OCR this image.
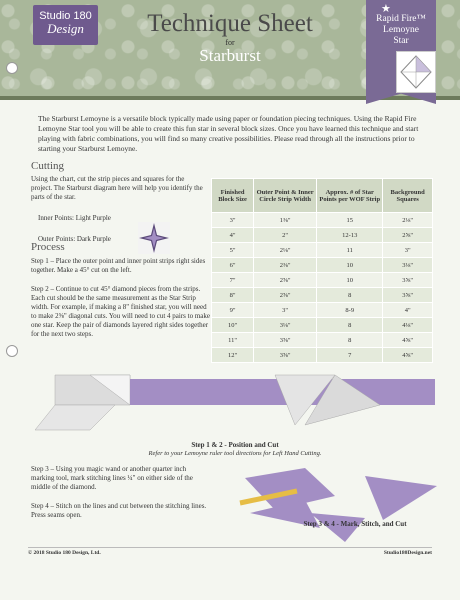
Studio 180
Design	Technique Sheet
for
Starburst
★
Rapid Fire™
Lemoyne
Star

The Starburst Lemoyne is a versatile block typically made using paper or foundation piecing techniques. Using the Rapid Fire Lemoyne Star tool you will be able to create this fun star in several block sizes. Once you have learned this technique and start playing with fabric combinations, you will find so many creative possibilities. Please read through all the instructions prior to starting your Starburst Lemoyne.

Cutting

Using the chart, cut the strip pieces and squares for the project. The Starburst diagram here will help you identify the parts of the star.

Inner Points: Light Purple
Outer Points: Dark Purple
Process

Step 1 – Place the outer point and inner point strips right sides together. Make a 45° cut on the left.

Step 2 – Continue to cut 45° diamond pieces from the strips. Each cut should be the same measurement as the Star Strip width. For example, if making a 8" finished star, you will need to make 2⅝" diagonal cuts. You will need to cut 4 pairs to make one star. Keep the pair of diamonds layered right sides together for the next two steps.

Step 3 – Using you magic wand or another quarter inch marking tool, mark stitching lines ¼" on either side of the middle of the diamond.

Step 4 – Stitch on the lines and cut between the stitching lines. Press seams open.

Finished Block Size	Outer Point & Inner Circle Strip Width	Approx. # of Star Points per WOF Strip	Background Squares
3"	1⅜"	15	2⅛"
4"	2"	12-13	2⅝"
5"	2⅛"	11	3"
6"	2⅜"	10	3⅛"
7"	2⅝"	10	3⅝"
8"	2⅝"	8	3⅝"
9"	3"	8-9	4"
10"	3⅛"	8	4⅛"
11"	3⅝"	8	4⅝"
12"	3⅝"	7	4⅝"
Step 1 & 2 - Position and Cut
Refer to your Lemoyne ruler tool directions for Left Hand Cutting.
Step 3 & 4 - Mark, Stitch, and Cut
© 2018 Studio 180 Design, Ltd.	Studio180Design.net
